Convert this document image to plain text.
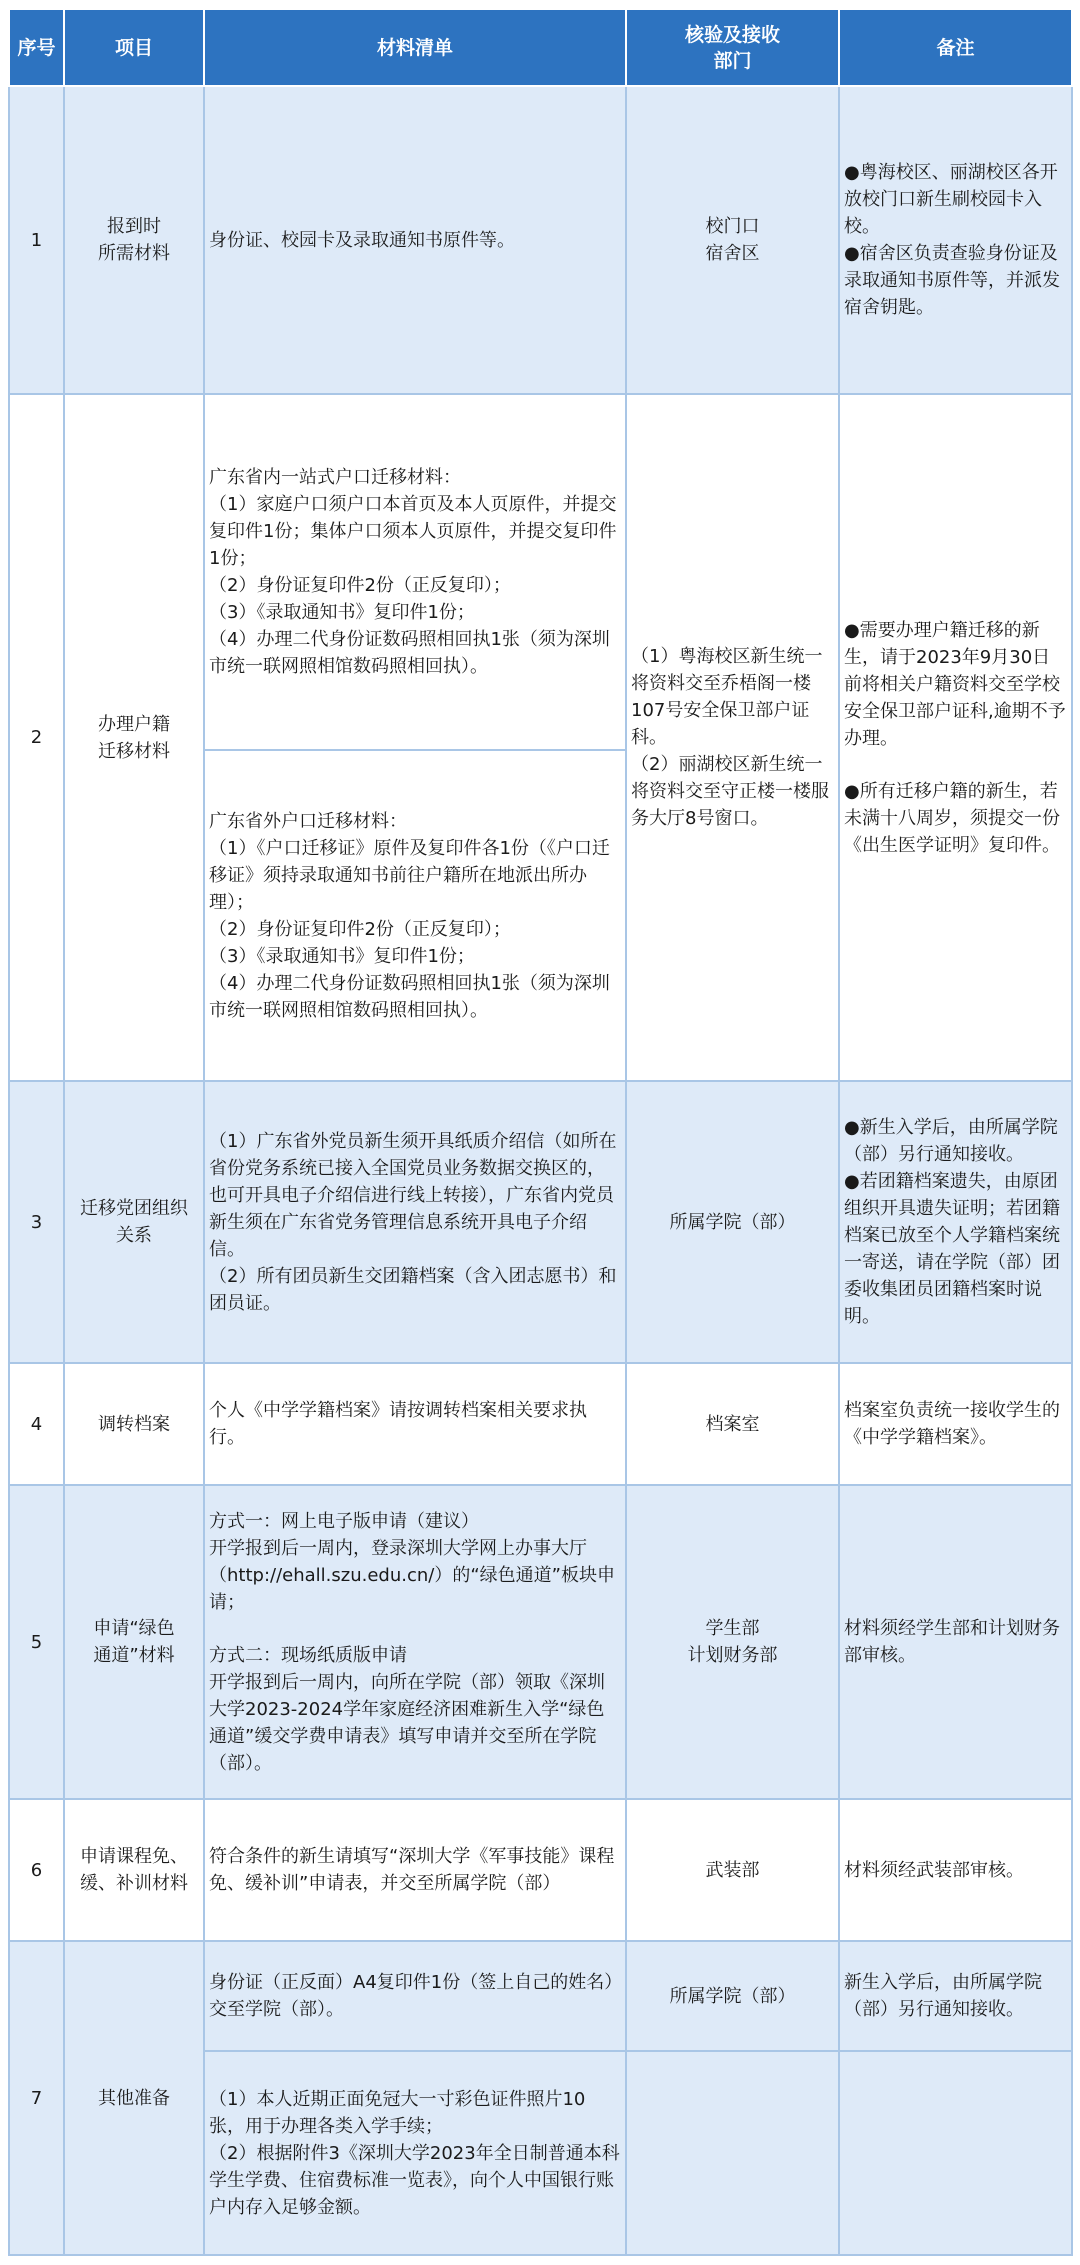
序号	项目	材料清单	核验及接收
部门	备注
1	报到时
所需材料	身份证、校园卡及录取通知书原件等。	校门口
宿舍区	●粤海校区、丽湖校区各开放校门口新生刷校园卡入校。
●宿舍区负责查验身份证及录取通知书原件等，并派发宿舍钥匙。

2	办理户籍
迁移材料	广东省内一站式户口迁移材料：
（1）家庭户口须户口本首页及本人页原件，并提交复印件1份；集体户口须本人页原件，并提交复印件1份；
（2）身份证复印件2份（正反复印）；
（3）《录取通知书》复印件1份；
（4）办理二代身份证数码照相回执1张（须为深圳市统一联网照相馆数码照相回执）。	（1）粤海校区新生统一将资料交至乔梧阁一楼107号安全保卫部户证科。
（2）丽湖校区新生统一将资料交至守正楼一楼服务大厅8号窗口。	●需要办理户籍迁移的新生，请于2023年9月30日前将相关户籍资料交至学校安全保卫部户证科,逾期不予办理。
●所有迁移户籍的新生，若未满十八周岁，须提交一份《出生医学证明》复印件。

		广东省外户口迁移材料：
（1）《户口迁移证》原件及复印件各1份（《户口迁移证》须持录取通知书前往户籍所在地派出所办理）；
（2）身份证复印件2份（正反复印）；
（3）《录取通知书》复印件1份；
（4）办理二代身份证数码照相回执1张（须为深圳市统一联网照相馆数码照相回执）。		

3	迁移党团组织
关系	（1）广东省外党员新生须开具纸质介绍信（如所在省份党务系统已接入全国党员业务数据交换区的，也可开具电子介绍信进行线上转接），广东省内党员新生须在广东省党务管理信息系统开具电子介绍信。
（2）所有团员新生交团籍档案（含入团志愿书）和团员证。	所属学院（部）	●新生入学后，由所属学院（部）另行通知接收。
●若团籍档案遗失，由原团组织开具遗失证明；若团籍档案已放至个人学籍档案统一寄送，请在学院（部）团委收集团员团籍档案时说明。

4	调转档案	个人《中学学籍档案》请按调转档案相关要求执行。	档案室	档案室负责统一接收学生的《中学学籍档案》。
5	申请“绿色
通道”材料	方式一：网上电子版申请（建议）
开学报到后一周内，登录深圳大学网上办事大厅（http://ehall.szu.edu.cn/）的“绿色通道”板块申请；
方式二：现场纸质版申请
开学报到后一周内，向所在学院（部）领取《深圳大学2023-2024学年家庭经济困难新生入学“绿色通道”缓交学费申请表》填写申请并交至所在学院（部）。	学生部
计划财务部	材料须经学生部和计划财务部审核。
6	申请课程免、
缓、补训材料	符合条件的新生请填写“深圳大学《军事技能》课程免、缓补训”申请表，并交至所属学院（部）	武装部	材料须经武装部审核。
7	其他准备	身份证（正反面）A4复印件1份（签上自己的姓名）交至学院（部）。	所属学院（部）	新生入学后，由所属学院（部）另行通知接收。

		（1）本人近期正面免冠大一寸彩色证件照片10张，用于办理各类入学手续；
（2）根据附件3《深圳大学2023年全日制普通本科学生学费、住宿费标准一览表》，向个人中国银行账户内存入足够金额。		
